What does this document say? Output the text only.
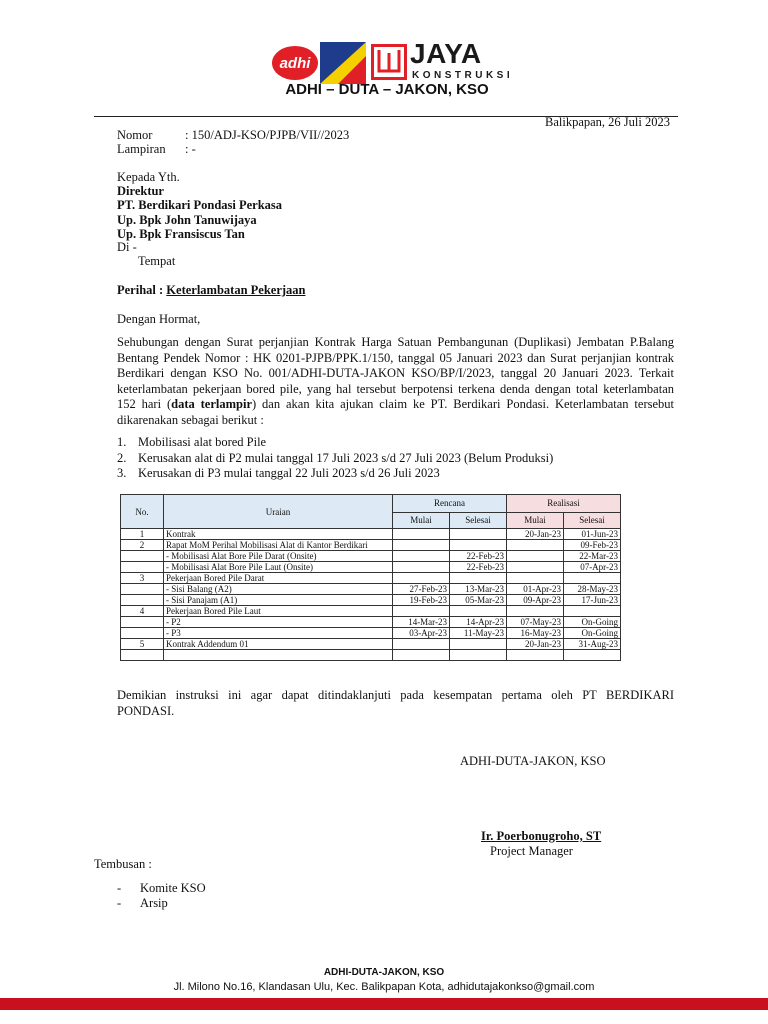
adhi	JAYA
KONSTRUKSI
ADHI – DUTA – JAKON, KSO
Balikpapan, 26 Juli 2023
Nomor	: 150/ADJ-KSO/PJPB/VII//2023
Lampiran : -
Kepada Yth.
Direktur
PT. Berdikari Pondasi Perkasa
Up. Bpk John Tanuwijaya
Up. Bpk Fransiscus Tan
Di -
Tempat
Perihal : Keterlambatan Pekerjaan
Dengan Hormat,
Sehubungan dengan Surat perjanjian Kontrak Harga Satuan Pembangunan (Duplikasi) Jembatan P.Balang
Bentang Pendek Nomor : HK 0201-PJPB/PPK.1/150, tanggal 05 Januari 2023 dan Surat perjanjian kontrak
Berdikari dengan KSO No. 001/ADHI-DUTA-JAKON KSO/BP/I/2023, tanggal 20 Januari 2023. Terkait
keterlambatan pekerjaan bored pile, yang hal tersebut berpotensi terkena denda dengan total keterlambatan
152 hari (data terlampir) dan akan kita ajukan claim ke PT. Berdikari Pondasi. Keterlambatan tersebut
dikarenakan sebagai berikut :
1. Mobilisasi alat bored Pile
2. Kerusakan alat di P2 mulai tanggal 17 Juli 2023 s/d 27 Juli 2023 (Belum Produksi)
3. Kerusakan di P3 mulai tanggal 22 Juli 2023 s/d 26 Juli 2023
No.	Uraian	Rencana		Realisasi	
		Mulai	Selesai	Mulai	Selesai
1	Kontrak			20-Jan-23	01-Jun-23
2	Rapat MoM Perihal Mobilisasi Alat di Kantor Berdikari				09-Feb-23
	- Mobilisasi Alat Bore Pile Darat (Onsite)		22-Feb-23		22-Mar-23
	- Mobilisasi Alat Bore Pile Laut (Onsite)		22-Feb-23		07-Apr-23
3	Pekerjaan Bored Pile Darat				
	- Sisi Balang (A2)	27-Feb-23	13-Mar-23	01-Apr-23	28-May-23
	- Sisi Panajam (A1)	19-Feb-23	05-Mar-23	09-Apr-23	17-Jun-23
4	Pekerjaan Bored Pile Laut				
	- P2	14-Mar-23	14-Apr-23	07-May-23	On-Going
	- P3	03-Apr-23	11-May-23	16-May-23	On-Going
5	Kontrak Addendum 01			20-Jan-23	31-Aug-23

Demikian instruksi ini agar dapat ditindaklanjuti pada kesempatan pertama oleh PT BERDIKARI
PONDASI.
ADHI-DUTA-JAKON, KSO
Ir. Poerbonugroho, ST
Project Manager
Tembusan :
- Komite KSO
- Arsip
ADHI-DUTA-JAKON, KSO
Jl. Milono No.16, Klandasan Ulu, Kec. Balikpapan Kota, adhidutajakonkso@gmail.com
